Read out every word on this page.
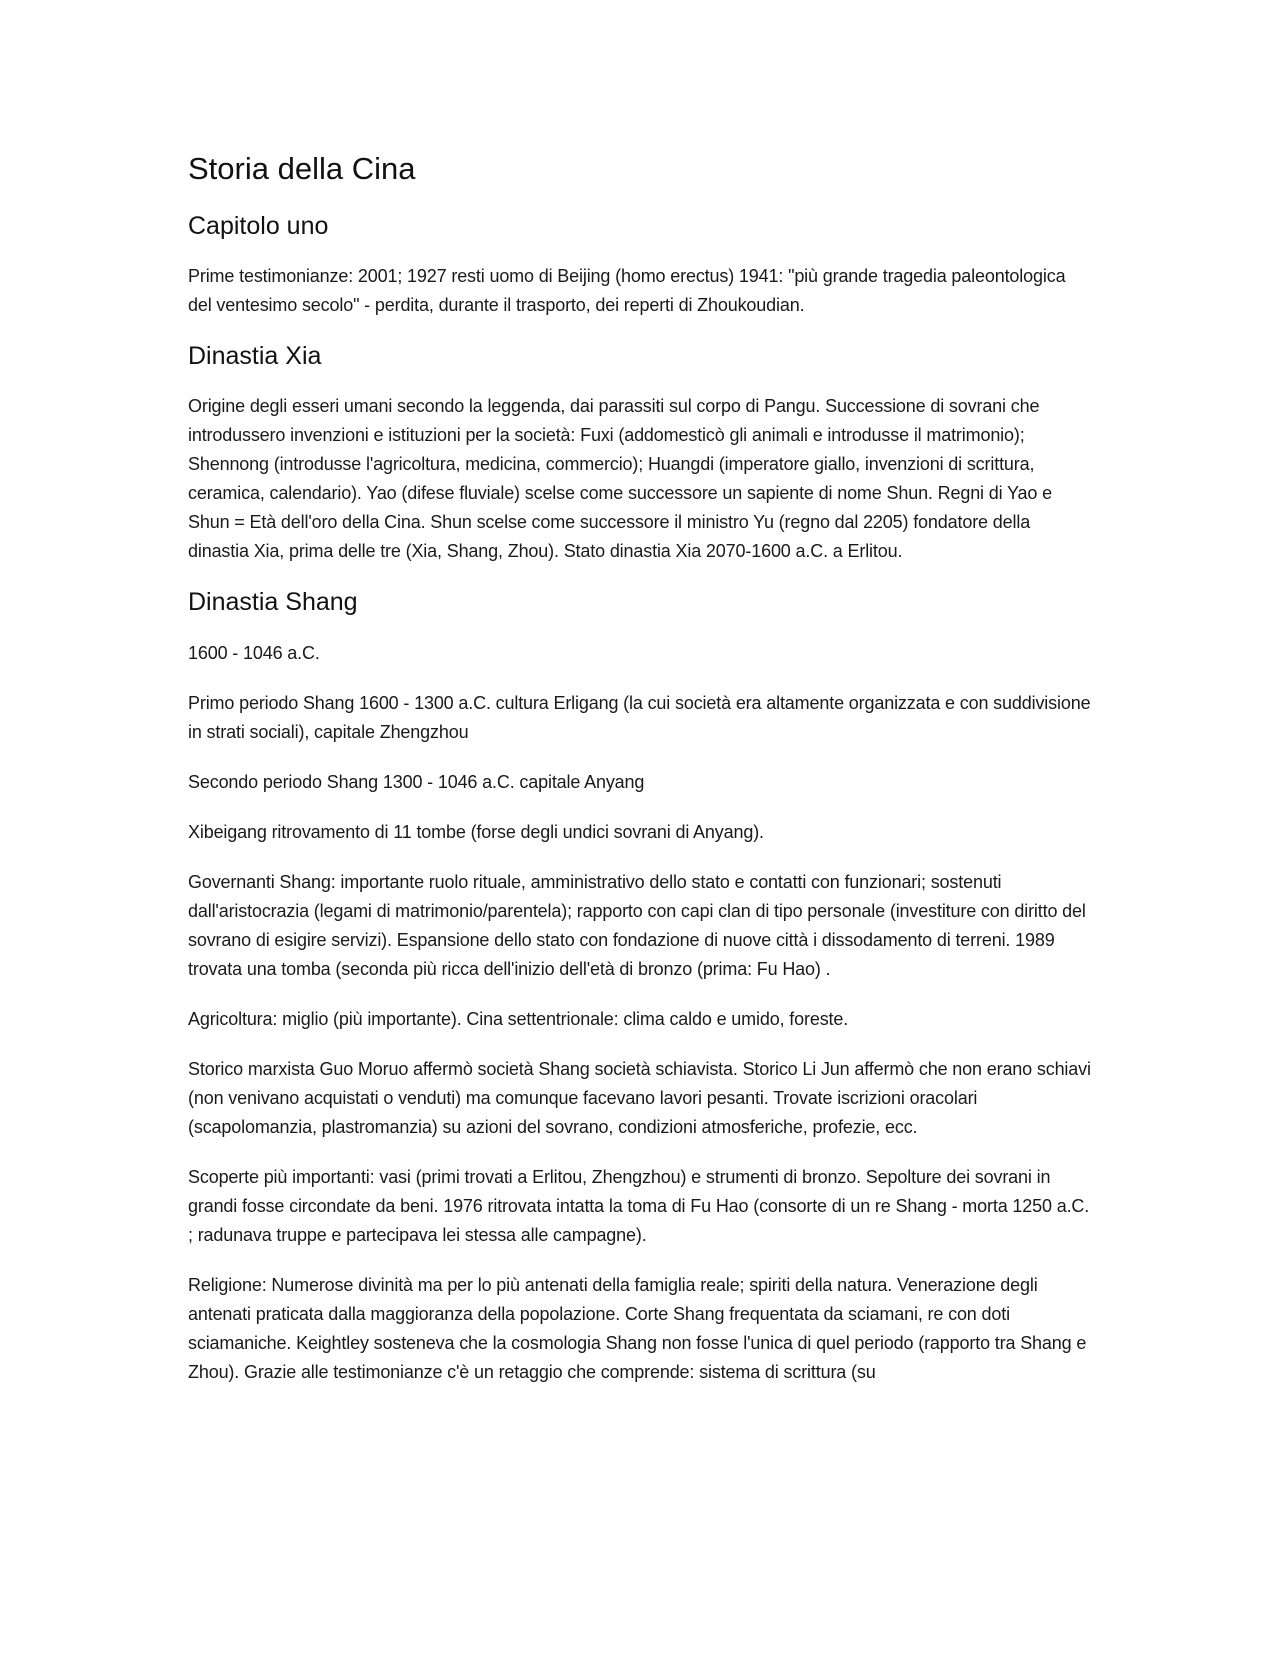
Storia della Cina
Capitolo uno

Prime testimonianze: 2001; 1927 resti uomo di Beijing (homo erectus) 1941: "più grande tragedia paleontologica del ventesimo secolo" - perdita, durante il trasporto, dei reperti di Zhoukoudian.

Dinastia Xia

Origine degli esseri umani secondo la leggenda, dai parassiti sul corpo di Pangu. Successione di sovrani che introdussero invenzioni e istituzioni per la società: Fuxi (addomesticò gli animali e introdusse il matrimonio); Shennong (introdusse l'agricoltura, medicina, commercio); Huangdi (imperatore giallo, invenzioni di scrittura, ceramica, calendario). Yao (difese fluviale) scelse come successore un sapiente di nome Shun. Regni di Yao e Shun = Età dell'oro della Cina. Shun scelse come successore il ministro Yu (regno dal 2205) fondatore della dinastia Xia, prima delle tre (Xia, Shang, Zhou). Stato dinastia Xia 2070-1600 a.C. a Erlitou.

Dinastia Shang

1600 - 1046 a.C.

Primo periodo Shang 1600 - 1300 a.C. cultura Erligang (la cui società era altamente organizzata e con suddivisione in strati sociali), capitale Zhengzhou

Secondo periodo Shang 1300 - 1046 a.C. capitale Anyang

Xibeigang ritrovamento di 11 tombe (forse degli undici sovrani di Anyang).

Governanti Shang: importante ruolo rituale, amministrativo dello stato e contatti con funzionari; sostenuti dall'aristocrazia (legami di matrimonio/parentela); rapporto con capi clan di tipo personale (investiture con diritto del sovrano di esigire servizi). Espansione dello stato con fondazione di nuove città i dissodamento di terreni. 1989 trovata una tomba (seconda più ricca dell'inizio dell'età di bronzo (prima: Fu Hao) .

Agricoltura: miglio (più importante). Cina settentrionale: clima caldo e umido, foreste.

Storico marxista Guo Moruo affermò società Shang società schiavista. Storico Li Jun affermò che non erano schiavi (non venivano acquistati o venduti) ma comunque facevano lavori pesanti. Trovate iscrizioni oracolari (scapolomanzia, plastromanzia) su azioni del sovrano, condizioni atmosferiche, profezie, ecc.

Scoperte più importanti: vasi (primi trovati a Erlitou, Zhengzhou) e strumenti di bronzo. Sepolture dei sovrani in grandi fosse circondate da beni. 1976 ritrovata intatta la toma di Fu Hao (consorte di un re Shang - morta 1250 a.C. ; radunava truppe e partecipava lei stessa alle campagne).

Religione: Numerose divinità ma per lo più antenati della famiglia reale; spiriti della natura. Venerazione degli antenati praticata dalla maggioranza della popolazione. Corte Shang frequentata da sciamani, re con doti sciamaniche. Keightley sosteneva che la cosmologia Shang non fosse l'unica di quel periodo (rapporto tra Shang e Zhou). Grazie alle testimonianze c'è un retaggio che comprende: sistema di scrittura (su
